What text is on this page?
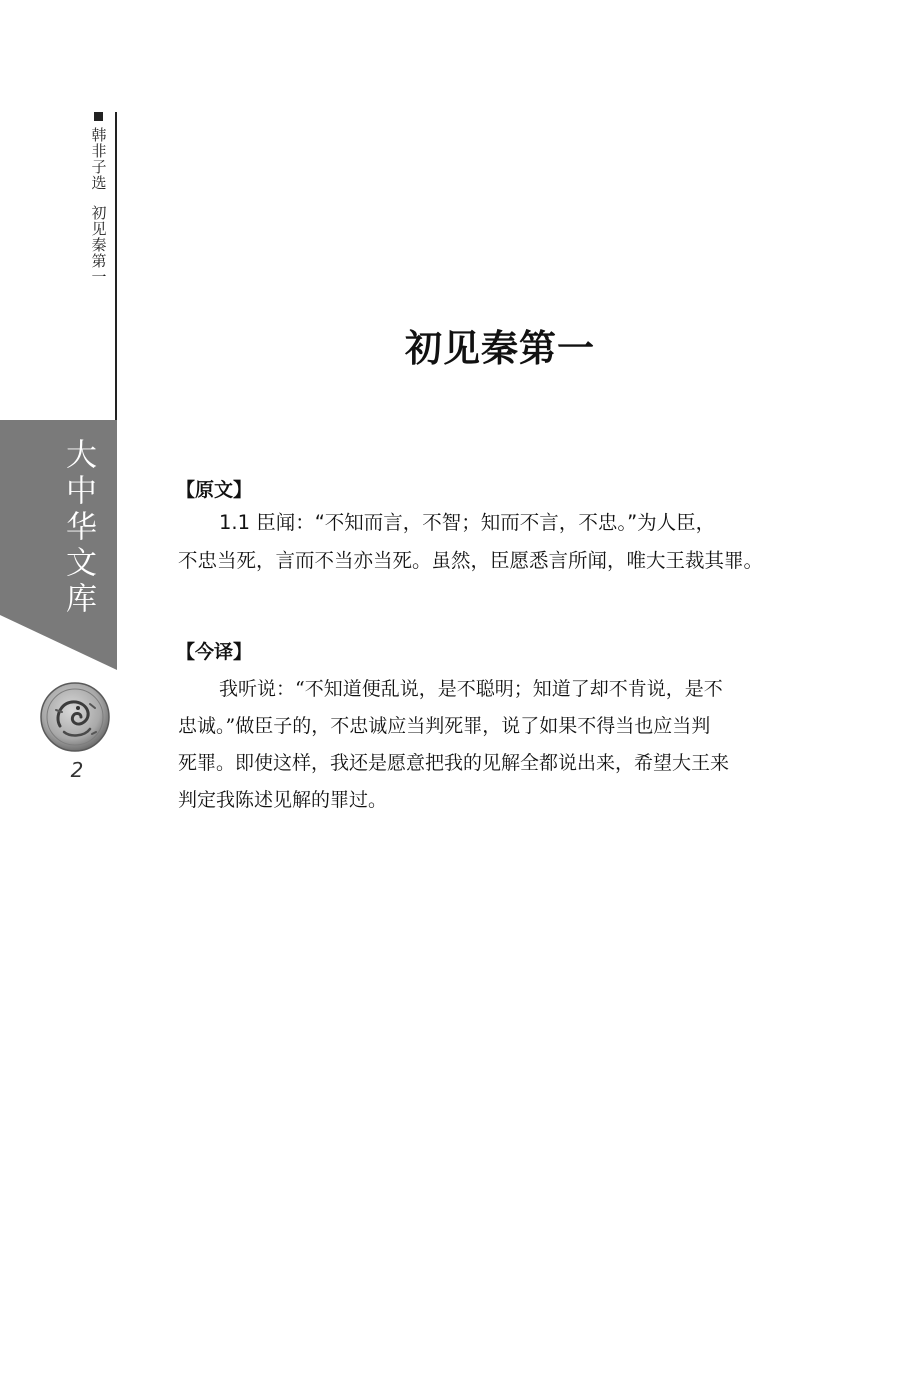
韩非子选
初见秦第一
大中华文库
2
初见秦第一
【原文】
1.1 臣闻：“不知而言，不智；知而不言，不忠。”为人臣，
不忠当死，言而不当亦当死。虽然，臣愿悉言所闻，唯大王裁其罪。
【今译】
我听说：“不知道便乱说，是不聪明；知道了却不肯说，是不
忠诚。”做臣子的，不忠诚应当判死罪，说了如果不得当也应当判
死罪。即使这样，我还是愿意把我的见解全都说出来，希望大王来
判定我陈述见解的罪过。
